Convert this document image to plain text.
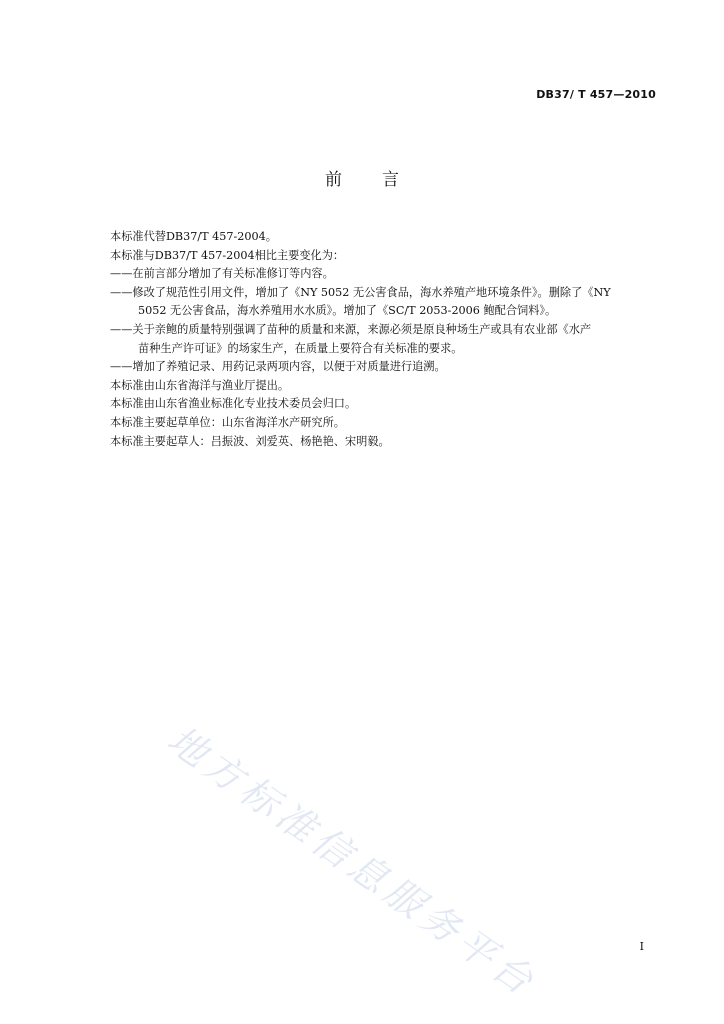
DB37/ T 457—2010
前言
本标准代替DB37/T 457-2004。
本标准与DB37/T 457-2004相比主要变化为：
——在前言部分增加了有关标准修订等内容。
——修改了规范性引用文件，增加了《NY 5052 无公害食品，海水养殖产地环境条件》。删除了《NY
5052 无公害食品，海水养殖用水水质》。增加了《SC/T 2053-2006 鲍配合饲料》。
——关于亲鲍的质量特别强调了苗种的质量和来源，来源必须是原良种场生产或具有农业部《水产
苗种生产许可证》的场家生产，在质量上要符合有关标准的要求。
——增加了养殖记录、用药记录两项内容，以便于对质量进行追溯。
本标准由山东省海洋与渔业厅提出。
本标准由山东省渔业标准化专业技术委员会归口。
本标准主要起草单位：山东省海洋水产研究所。
本标准主要起草人：吕振波、刘爱英、杨艳艳、宋明毅。
地方标准信息服务平台	I
